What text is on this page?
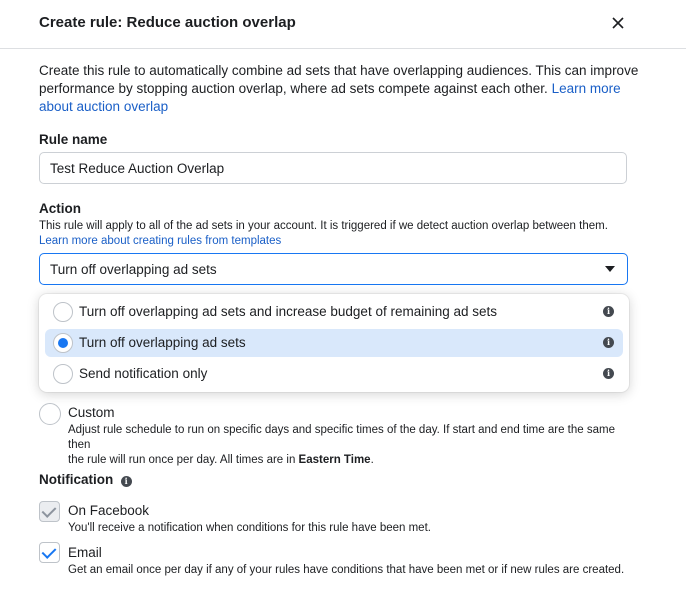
Create rule: Reduce auction overlap
Create this rule to automatically combine ad sets that have overlapping audiences. This can improve performance by stopping auction overlap, where ad sets compete against each other. Learn more about auction overlap
Rule name
Test Reduce Auction Overlap
Action
This rule will apply to all of the ad sets in your account. It is triggered if we detect auction overlap between them. Learn more about creating rules from templates
Turn off overlapping ad sets
Turn off overlapping ad sets and increase budget of remaining ad sets	i
Turn off overlapping ad sets	i
Send notification only	i
Custom
Adjust rule schedule to run on specific days and specific times of the day. If start and end time are the same then
the rule will run once per day. All times are in Eastern Time.
Notification i
On Facebook
You'll receive a notification when conditions for this rule have been met.
Email
Get an email once per day if any of your rules have conditions that have been met or if new rules are created.
